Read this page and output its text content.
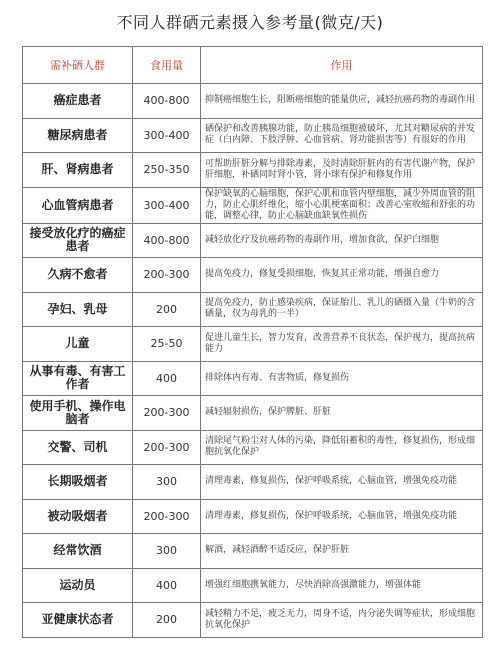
不同人群硒元素摄入参考量(微克/天)
需补硒人群	食用量	作用
癌症患者	400-800	抑制癌细胞生长，阻断癌细胞的能量供应，减轻抗癌药物的毒副作用
糖尿病患者	300-400	硒保护和改善胰腺功能，防止胰岛细胞被破坏，尤其对糖尿病的并发症（白内障、下肢浮肿、心血管病、肾功能损害等）有很好的作用
肝、肾病患者	250-350	可帮助肝脏分解与排除毒素，及时清除肝脏内的有害代谢产物，保护肝细胞，补硒同时肾小管，肾小球有保护和修复作用
心血管病患者	300-400	保护缺氧的心脑细胞，保护心肌和血管内壁细胞，减少外周血管的阻力，防止心肌纤维化，缩小心肌梗塞面积；改善心室收缩和舒张的功能，调整心律，防止心脑缺血缺氧性损伤
接受放化疗的癌症患者	400-800	减轻放化疗及抗癌药物的毒副作用，增加食欲，保护白细胞
久病不愈者	200-300	提高免疫力，修复受损细胞，恢复其正常功能，增强自愈力
孕妇、乳母	200	提高免疫力，防止感染疾病，保证胎儿、乳儿的硒摄入量（牛奶的含硒量，仅为母乳的一半）
儿童	25-50	促进儿童生长，智力发育，改善营养不良状态，保护视力，提高抗病能力
从事有毒、有害工作者	400	排除体内有毒、有害物质，修复损伤
使用手机、操作电脑者	200-300	减轻辐射损伤，保护脾脏、肝脏
交警、司机	200-300	清除尾气粉尘对人体的污染，降低铅蓄积的毒性，修复损伤，形成细胞抗氧化保护
长期吸烟者	300	清理毒素，修复损伤，保护呼吸系统，心脑血管，增强免疫功能
被动吸烟者	200-300	清理毒素，修复损伤，保护呼吸系统，心脑血管，增强免疫功能
经常饮酒	300	解酒，减轻酒醉不适反应，保护肝脏
运动员	400	增强红细胞携氧能力，尽快消除高强激能力，增强体能
亚健康状态者	200	减轻精力不足，疲乏无力，周身不适，内分泌失调等症状，形成细胞抗氧化保护
